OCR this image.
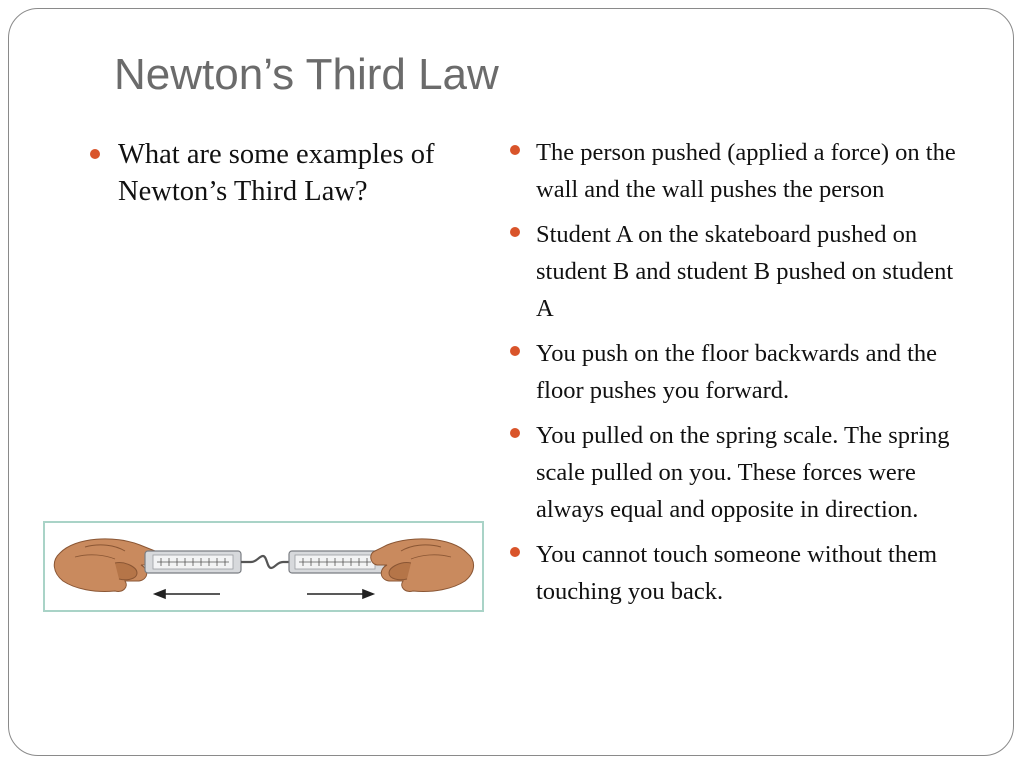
Newton’s Third Law
What are some examples of Newton’s Third Law?
The person pushed (applied a force) on the wall and the wall pushes the person
Student A on the skateboard pushed on student B and student B pushed on student A
You push on the floor backwards and the floor pushes you forward.
You pulled on the spring scale. The spring scale pulled on you. These forces were always equal and opposite in direction.
You cannot touch someone without them touching you back.
